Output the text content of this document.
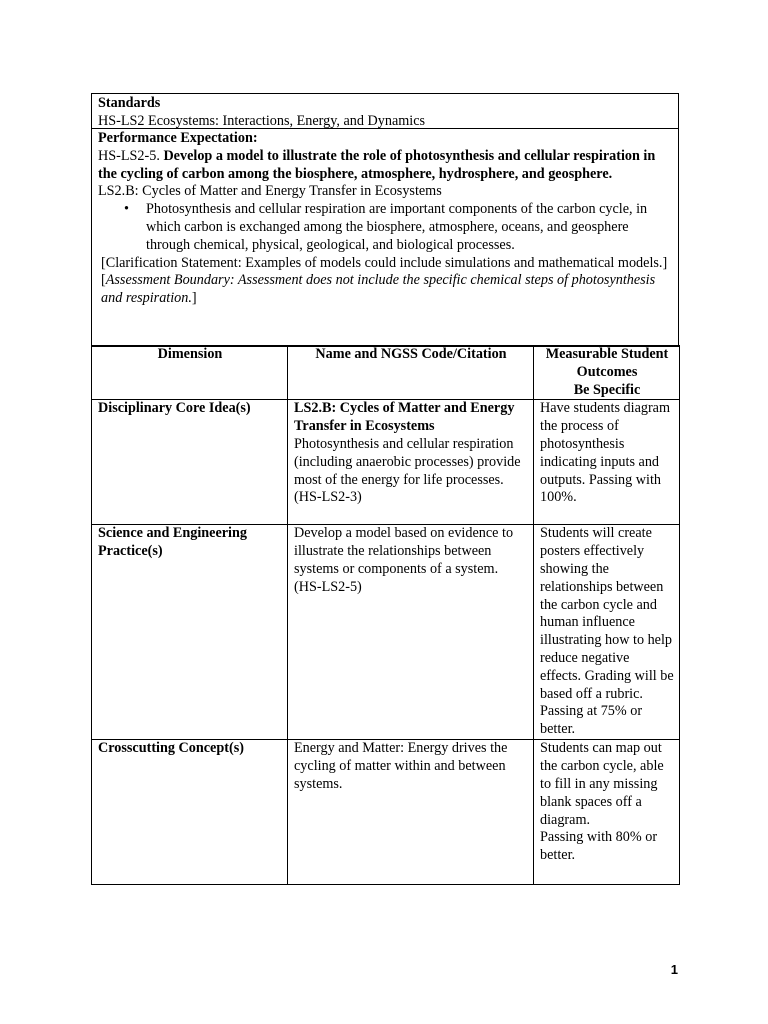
Standards
HS-LS2 Ecosystems: Interactions, Energy, and Dynamics
Performance Expectation:
HS-LS2-5. Develop a model to illustrate the role of photosynthesis and cellular respiration in the cycling of carbon among the biosphere, atmosphere, hydrosphere, and geosphere.
LS2.B: Cycles of Matter and Energy Transfer in Ecosystems
• Photosynthesis and cellular respiration are important components of the carbon cycle, in which carbon is exchanged among the biosphere, atmosphere, oceans, and geosphere through chemical, physical, geological, and biological processes.
[Clarification Statement: Examples of models could include simulations and mathematical models.] [Assessment Boundary: Assessment does not include the specific chemical steps of photosynthesis and respiration.]
Dimension	Name and NGSS Code/Citation	Measurable Student Outcomes
Be Specific

Disciplinary Core Idea(s)	LS2.B: Cycles of Matter and Energy Transfer in Ecosystems
Photosynthesis and cellular respiration (including anaerobic processes) provide most of the energy for life processes. (HS-LS2-3)	Have students diagram the process of photosynthesis indicating inputs and outputs. Passing with 100%.
Science and Engineering Practice(s)	Develop a model based on evidence to illustrate the relationships between systems or components of a system. (HS-LS2-5)	Students will create posters effectively showing the relationships between the carbon cycle and human influence illustrating how to help reduce negative effects. Grading will be based off a rubric. Passing at 75% or better.
Crosscutting Concept(s)	Energy and Matter: Energy drives the cycling of matter within and between systems.	Students can map out the carbon cycle, able to fill in any missing blank spaces off a diagram.
Passing with 80% or better.
1
